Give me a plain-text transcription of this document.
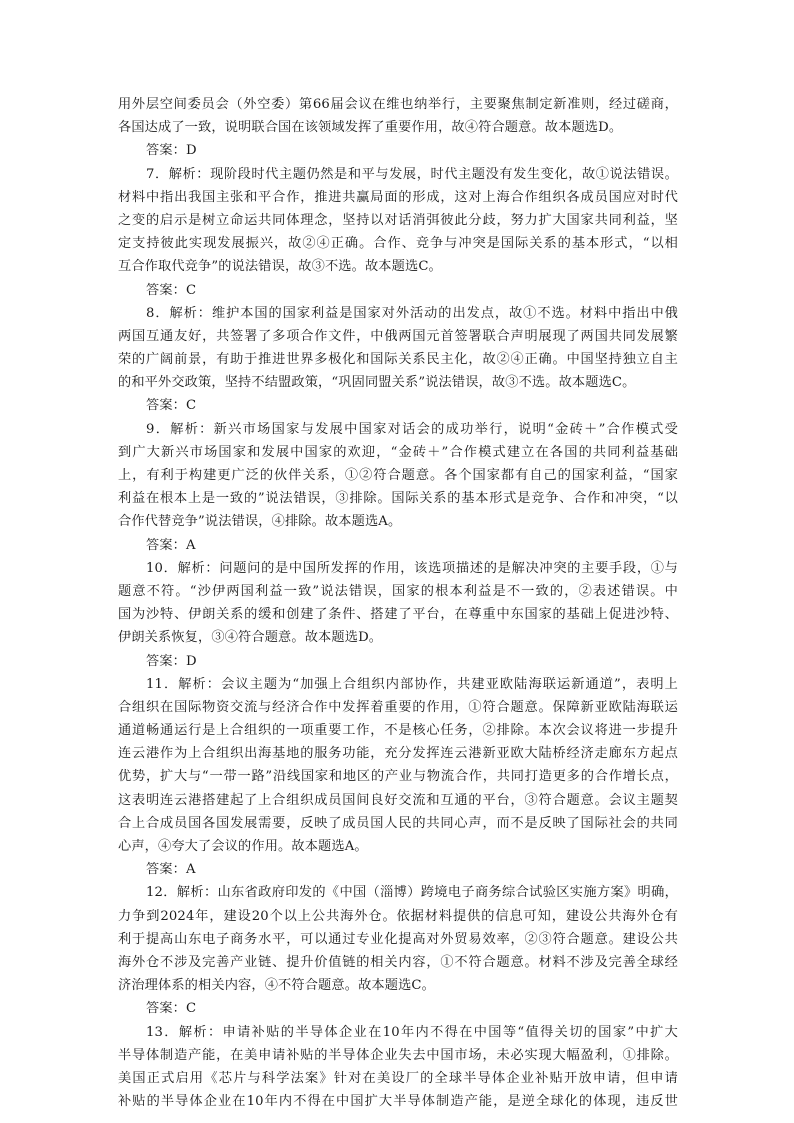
用外层空间委员会（外空委）第66届会议在维也纳举行，主要聚焦制定新准则，经过磋商，
各国达成了一致，说明联合国在该领域发挥了重要作用，故④符合题意。故本题选D。
答案：D
7．解析：现阶段时代主题仍然是和平与发展，时代主题没有发生变化，故①说法错误。
材料中指出我国主张和平合作，推进共赢局面的形成，这对上海合作组织各成员国应对时代
之变的启示是树立命运共同体理念，坚持以对话消弭彼此分歧，努力扩大国家共同利益，坚
定支持彼此实现发展振兴，故②④正确。合作、竞争与冲突是国际关系的基本形式，“以相
互合作取代竞争”的说法错误，故③不选。故本题选C。
答案：C
8．解析：维护本国的国家利益是国家对外活动的出发点，故①不选。材料中指出中俄
两国互通友好，共签署了多项合作文件，中俄两国元首签署联合声明展现了两国共同发展繁
荣的广阔前景，有助于推进世界多极化和国际关系民主化，故②④正确。中国坚持独立自主
的和平外交政策，坚持不结盟政策，“巩固同盟关系”说法错误，故③不选。故本题选C。
答案：C
9．解析：新兴市场国家与发展中国家对话会的成功举行，说明“金砖＋”合作模式受
到广大新兴市场国家和发展中国家的欢迎，“金砖＋”合作模式建立在各国的共同利益基础
上，有利于构建更广泛的伙伴关系，①②符合题意。各个国家都有自己的国家利益，“国家
利益在根本上是一致的”说法错误，③排除。国际关系的基本形式是竞争、合作和冲突，“以
合作代替竞争”说法错误，④排除。故本题选A。
答案：A
10．解析：问题问的是中国所发挥的作用，该选项描述的是解决冲突的主要手段，①与
题意不符。“沙伊两国利益一致”说法错误，国家的根本利益是不一致的，②表述错误。中
国为沙特、伊朗关系的缓和创建了条件、搭建了平台，在尊重中东国家的基础上促进沙特、
伊朗关系恢复，③④符合题意。故本题选D。
答案：D
11．解析：会议主题为“加强上合组织内部协作，共建亚欧陆海联运新通道”，表明上
合组织在国际物资交流与经济合作中发挥着重要的作用，①符合题意。保障新亚欧陆海联运
通道畅通运行是上合组织的一项重要工作，不是核心任务，②排除。本次会议将进一步提升
连云港作为上合组织出海基地的服务功能，充分发挥连云港新亚欧大陆桥经济走廊东方起点
优势，扩大与“一带一路”沿线国家和地区的产业与物流合作，共同打造更多的合作增长点，
这表明连云港搭建起了上合组织成员国间良好交流和互通的平台，③符合题意。会议主题契
合上合成员国各国发展需要，反映了成员国人民的共同心声，而不是反映了国际社会的共同
心声，④夸大了会议的作用。故本题选A。
答案：A
12．解析：山东省政府印发的《中国（淄博）跨境电子商务综合试验区实施方案》明确，
力争到2024年，建设20个以上公共海外仓。依据材料提供的信息可知，建设公共海外仓有
利于提高山东电子商务水平，可以通过专业化提高对外贸易效率，②③符合题意。建设公共
海外仓不涉及完善产业链、提升价值链的相关内容，①不符合题意。材料不涉及完善全球经
济治理体系的相关内容，④不符合题意。故本题选C。
答案：C
13．解析：申请补贴的半导体企业在10年内不得在中国等“值得关切的国家”中扩大
半导体制造产能，在美申请补贴的半导体企业失去中国市场，未必实现大幅盈利，①排除。
美国正式启用《芯片与科学法案》针对在美设厂的全球半导体企业补贴开放申请，但申请
补贴的半导体企业在10年内不得在中国扩大半导体制造产能，是逆全球化的体现，违反世
